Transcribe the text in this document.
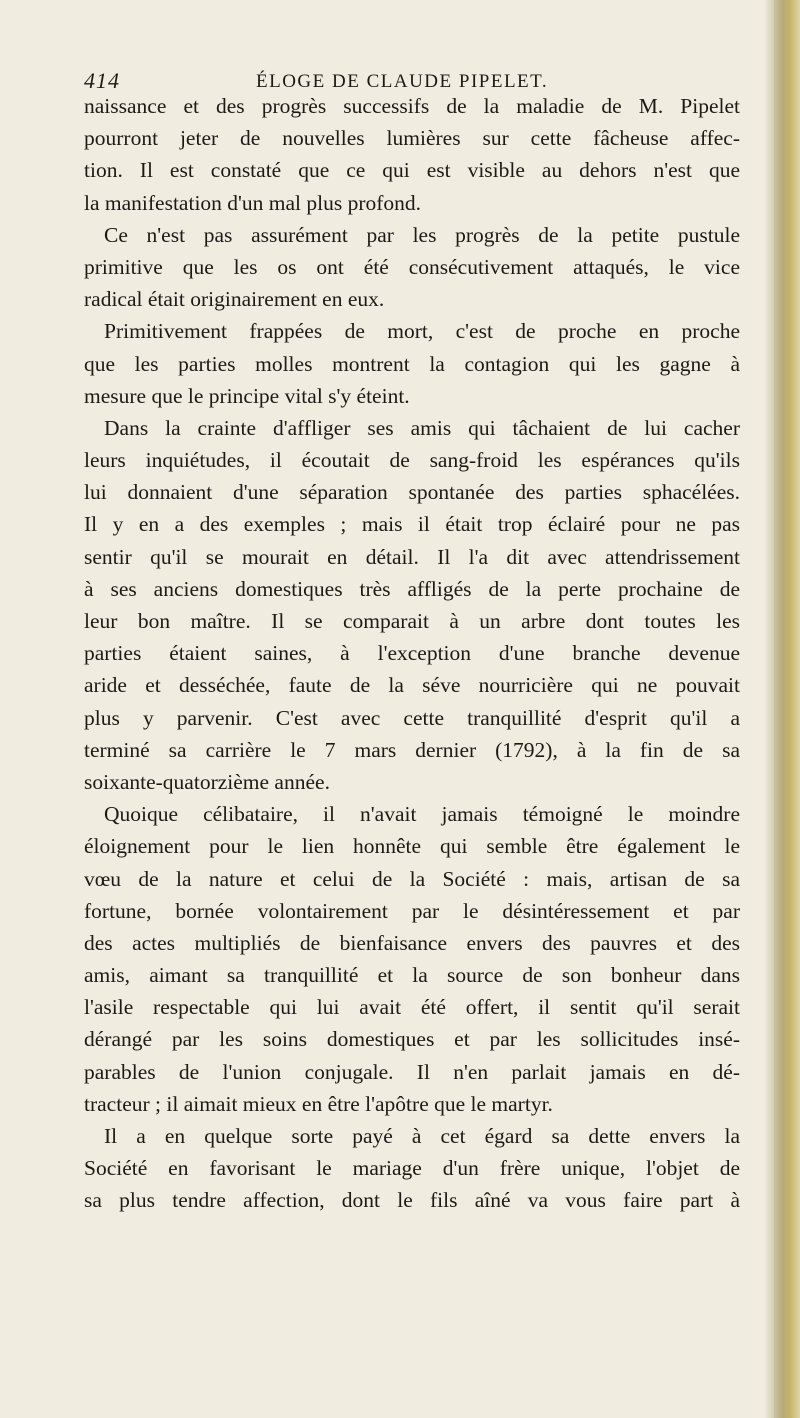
414	ÉLOGE DE CLAUDE PIPELET.
naissance et des progrès successifs de la maladie de M. Pipelet
pourront jeter de nouvelles lumières sur cette fâcheuse affec-
tion. Il est constaté que ce qui est visible au dehors n'est que
la manifestation d'un mal plus profond.
Ce n'est pas assurément par les progrès de la petite pustule
primitive que les os ont été consécutivement attaqués, le vice
radical était originairement en eux.
Primitivement frappées de mort, c'est de proche en proche
que les parties molles montrent la contagion qui les gagne à
mesure que le principe vital s'y éteint.
Dans la crainte d'affliger ses amis qui tâchaient de lui cacher
leurs inquiétudes, il écoutait de sang-froid les espérances qu'ils
lui donnaient d'une séparation spontanée des parties sphacélées.
Il y en a des exemples ; mais il était trop éclairé pour ne pas
sentir qu'il se mourait en détail. Il l'a dit avec attendrissement
à ses anciens domestiques très affligés de la perte prochaine de
leur bon maître. Il se comparait à un arbre dont toutes les
parties étaient saines, à l'exception d'une branche devenue
aride et desséchée, faute de la séve nourricière qui ne pouvait
plus y parvenir. C'est avec cette tranquillité d'esprit qu'il a
terminé sa carrière le 7 mars dernier (1792), à la fin de sa
soixante-quatorzième année.
Quoique célibataire, il n'avait jamais témoigné le moindre
éloignement pour le lien honnête qui semble être également le
vœu de la nature et celui de la Société : mais, artisan de sa
fortune, bornée volontairement par le désintéressement et par
des actes multipliés de bienfaisance envers des pauvres et des
amis, aimant sa tranquillité et la source de son bonheur dans
l'asile respectable qui lui avait été offert, il sentit qu'il serait
dérangé par les soins domestiques et par les sollicitudes insé-
parables de l'union conjugale. Il n'en parlait jamais en dé-
tracteur ; il aimait mieux en être l'apôtre que le martyr.
Il a en quelque sorte payé à cet égard sa dette envers la
Société en favorisant le mariage d'un frère unique, l'objet de
sa plus tendre affection, dont le fils aîné va vous faire part à
